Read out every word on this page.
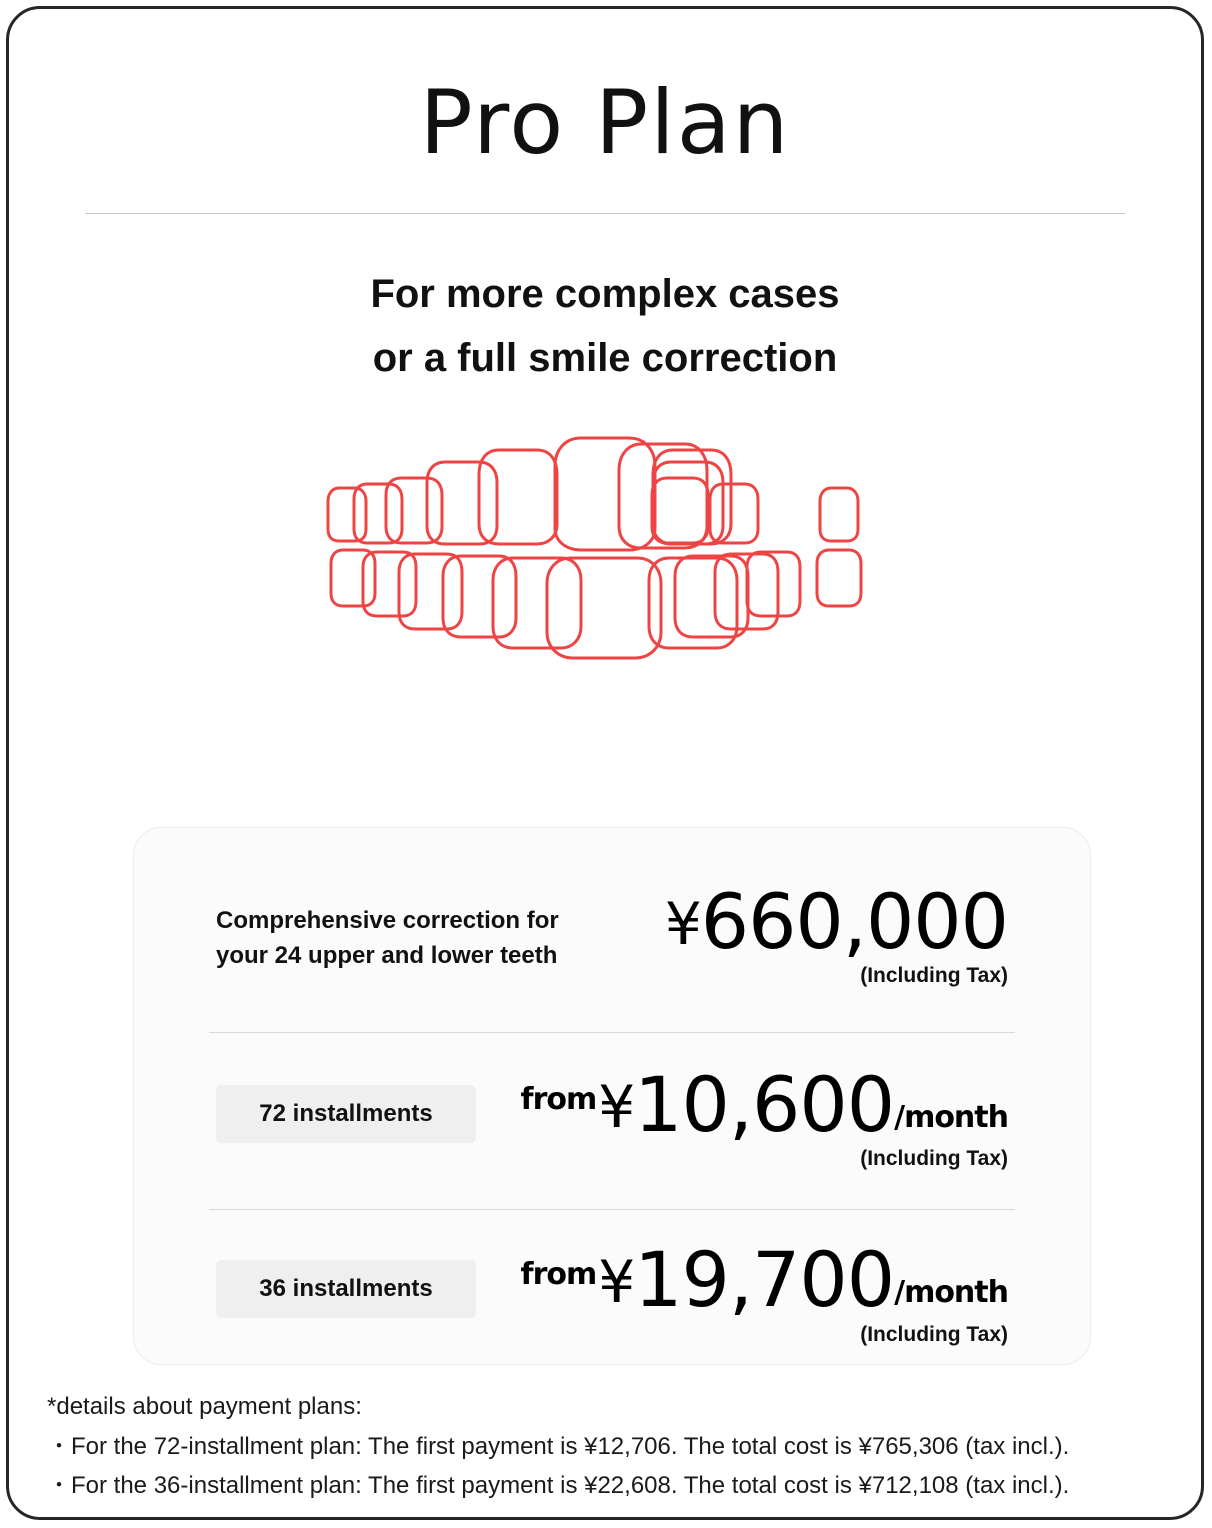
Pro Plan
For more complex cases
or a full smile correction
Comprehensive correction for
your 24 upper and lower teeth	¥660,000
(Including Tax)
72 installments	$^{from}$¥10,600/month
(Including Tax)
36 installments	$^{from}$¥19,700/month
(Including Tax)
*details about payment plans:
・For the 72-installment plan: The first payment is ¥12,706. The total cost is ¥765,306 (tax incl.).
・For the 36-installment plan: The first payment is ¥22,608. The total cost is ¥712,108 (tax incl.).
